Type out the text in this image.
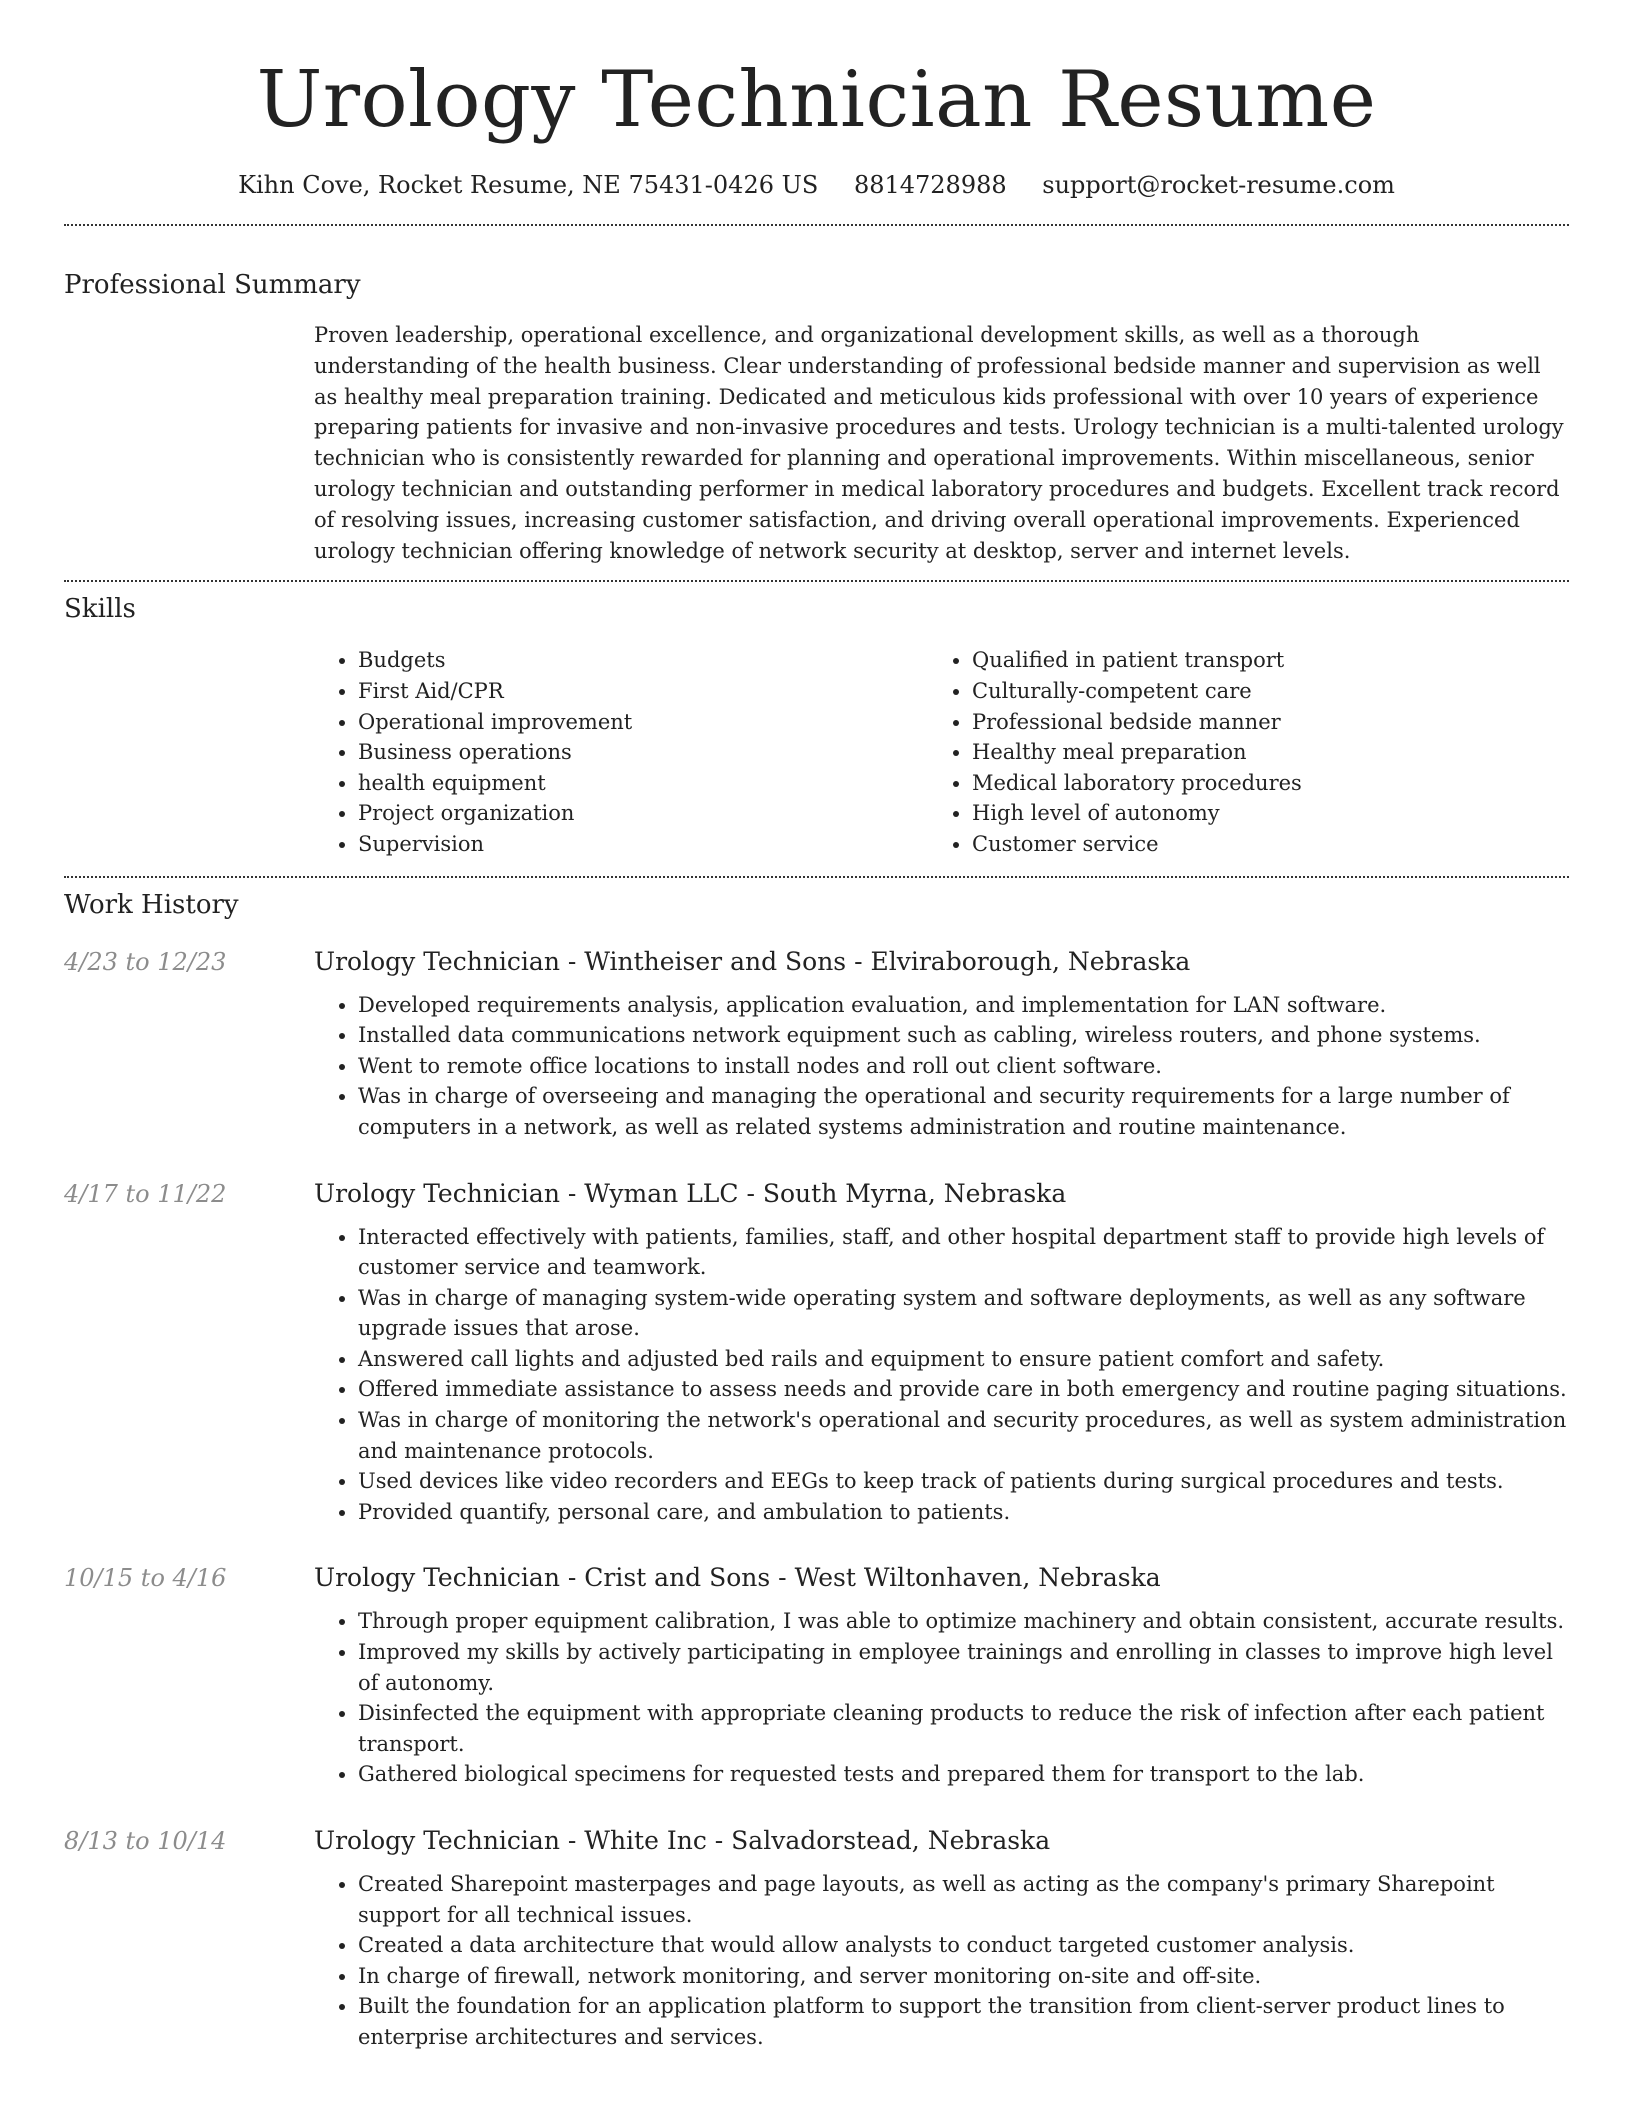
Urology Technician Resume
Kihn Cove, Rocket Resume, NE 75431-0426 US 8814728988 support@rocket-resume.com
Professional Summary
Proven leadership, operational excellence, and organizational development skills, as well as a thorough understanding of the health business. Clear understanding of professional bedside manner and supervision as well as healthy meal preparation training. Dedicated and meticulous kids professional with over 10 years of experience preparing patients for invasive and non-invasive procedures and tests. Urology technician is a multi-talented urology technician who is consistently rewarded for planning and operational improvements. Within miscellaneous, senior urology technician and outstanding performer in medical laboratory procedures and budgets. Excellent track record of resolving issues, increasing customer satisfaction, and driving overall operational improvements. Experienced urology technician offering knowledge of network security at desktop, server and internet levels.
Skills
• Budgets
• First Aid/CPR
• Operational improvement
• Business operations
• health equipment
• Project organization
• Supervision
• Qualified in patient transport
• Culturally-competent care
• Professional bedside manner
• Healthy meal preparation
• Medical laboratory procedures
• High level of autonomy
• Customer service
Work History
4/23 to 12/23	Urology Technician - Wintheiser and Sons - Elviraborough, Nebraska
• Developed requirements analysis, application evaluation, and implementation for LAN software.
• Installed data communications network equipment such as cabling, wireless routers, and phone systems.
• Went to remote office locations to install nodes and roll out client software.
• Was in charge of overseeing and managing the operational and security requirements for a large number of computers in a network, as well as related systems administration and routine maintenance.
4/17 to 11/22	Urology Technician - Wyman LLC - South Myrna, Nebraska
• Interacted effectively with patients, families, staff, and other hospital department staff to provide high levels of customer service and teamwork.
• Was in charge of managing system-wide operating system and software deployments, as well as any software upgrade issues that arose.
• Answered call lights and adjusted bed rails and equipment to ensure patient comfort and safety.
• Offered immediate assistance to assess needs and provide care in both emergency and routine paging situations.
• Was in charge of monitoring the network's operational and security procedures, as well as system administration and maintenance protocols.
• Used devices like video recorders and EEGs to keep track of patients during surgical procedures and tests.
• Provided quantify, personal care, and ambulation to patients.
10/15 to 4/16	Urology Technician - Crist and Sons - West Wiltonhaven, Nebraska
• Through proper equipment calibration, I was able to optimize machinery and obtain consistent, accurate results.
• Improved my skills by actively participating in employee trainings and enrolling in classes to improve high level of autonomy.
• Disinfected the equipment with appropriate cleaning products to reduce the risk of infection after each patient transport.
• Gathered biological specimens for requested tests and prepared them for transport to the lab.
8/13 to 10/14	Urology Technician - White Inc - Salvadorstead, Nebraska
• Created Sharepoint masterpages and page layouts, as well as acting as the company's primary Sharepoint support for all technical issues.
• Created a data architecture that would allow analysts to conduct targeted customer analysis.
• In charge of firewall, network monitoring, and server monitoring on-site and off-site.
• Built the foundation for an application platform to support the transition from client-server product lines to enterprise architectures and services.
